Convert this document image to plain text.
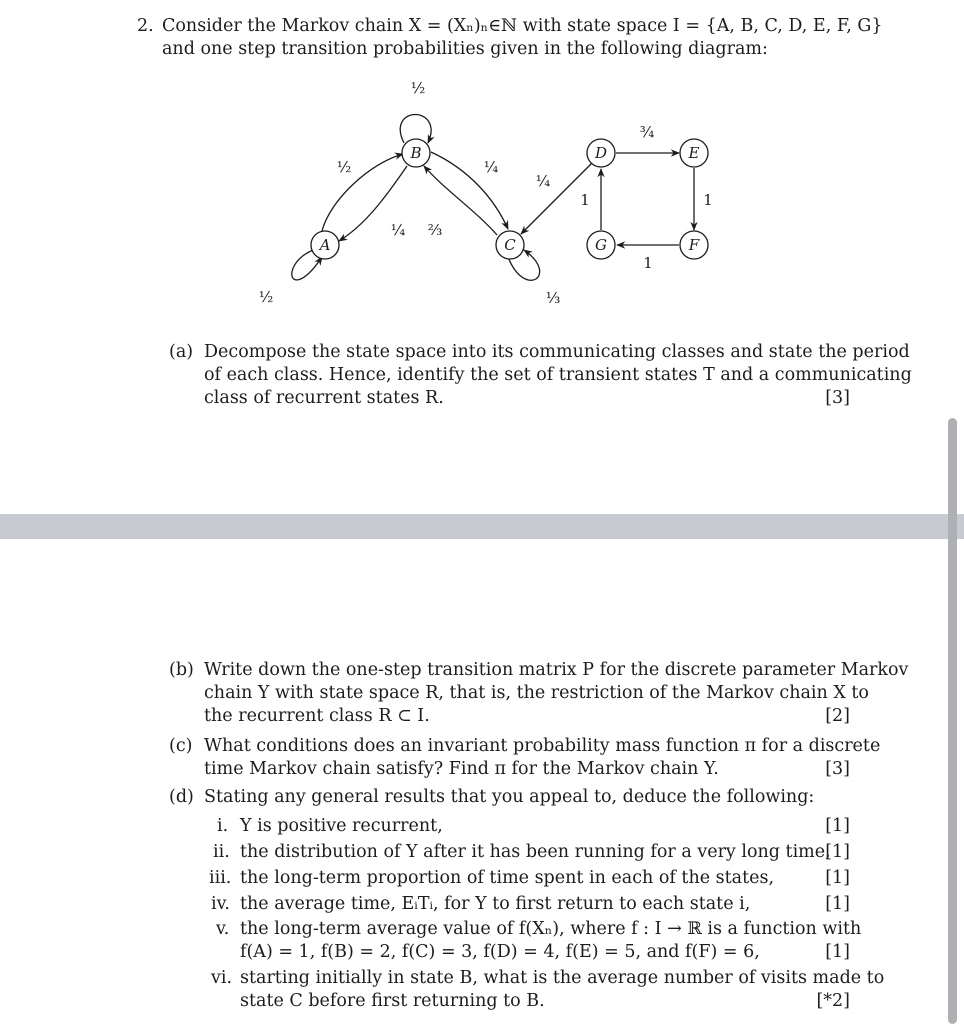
2. Consider the Markov chain X = (Xₙ)ₙ∈ℕ with state space I = {A, B, C, D, E, F, G}
and one step transition probabilities given in the following diagram:
A
B
C
D	E
F
G
½
½	⅓
½
¼ ⅔
¼
¼
1
¾
1
1
(a) Decompose the state space into its communicating classes and state the period
of each class. Hence, identify the set of transient states T and a communicating
class of recurrent states R.	[3]
(b) Write down the one-step transition matrix P for the discrete parameter Markov
chain Y with state space R, that is, the restriction of the Markov chain X to
the recurrent class R ⊂ I.	[2]
(c) What conditions does an invariant probability mass function π for a discrete
time Markov chain satisfy? Find π for the Markov chain Y.	[3]
(d) Stating any general results that you appeal to, deduce the following:
i. Y is positive recurrent,	[1]
ii. the distribution of Y after it has been running for a very long time,
[1]
iii. the long-term proportion of time spent in each of the states,	[1]
iv. the average time, EᵢTᵢ, for Y to first return to each state i,	[1]
v. the long-term average value of f(Xₙ), where f : I → ℝ is a function with
f(A) = 1, f(B) = 2, f(C) = 3, f(D) = 4, f(E) = 5, and f(F) = 6,	[1]
vi. starting initially in state B, what is the average number of visits made to
state C before first returning to B.	[*2]
